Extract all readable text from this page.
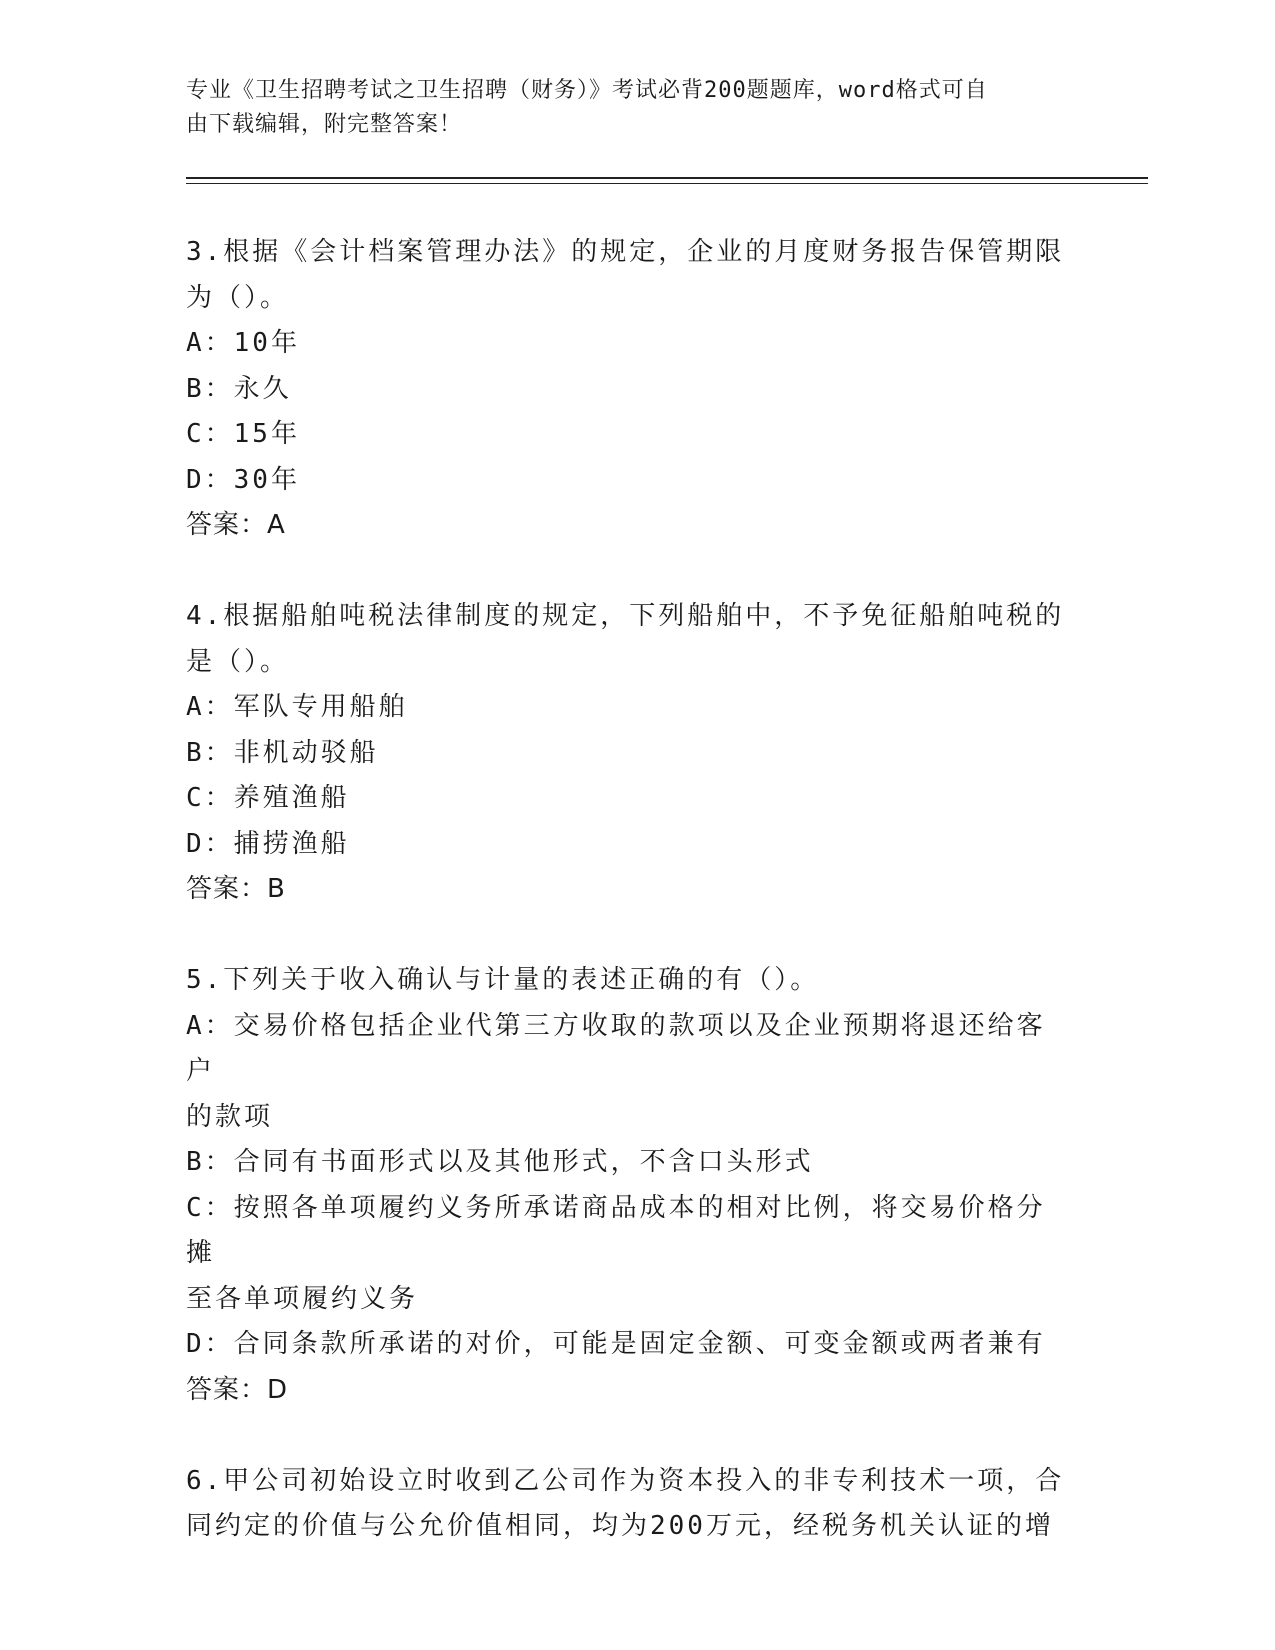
专业《卫生招聘考试之卫生招聘（财务）》考试必背200题题库，word格式可自
由下载编辑，附完整答案！
3.根据《会计档案管理办法》的规定，企业的月度财务报告保管期限
为（）。
A：10年
B：永久
C：15年
D：30年
答案：A
4.根据船舶吨税法律制度的规定，下列船舶中，不予免征船舶吨税的
是（）。
A：军队专用船舶
B：非机动驳船
C：养殖渔船
D：捕捞渔船
答案：B
5.下列关于收入确认与计量的表述正确的有（）。
A：交易价格包括企业代第三方收取的款项以及企业预期将退还给客户
的款项
B：合同有书面形式以及其他形式，不含口头形式
C：按照各单项履约义务所承诺商品成本的相对比例，将交易价格分摊
至各单项履约义务
D：合同条款所承诺的对价，可能是固定金额、可变金额或两者兼有
答案：D
6.甲公司初始设立时收到乙公司作为资本投入的非专利技术一项，合
同约定的价值与公允价值相同，均为200万元，经税务机关认证的增
